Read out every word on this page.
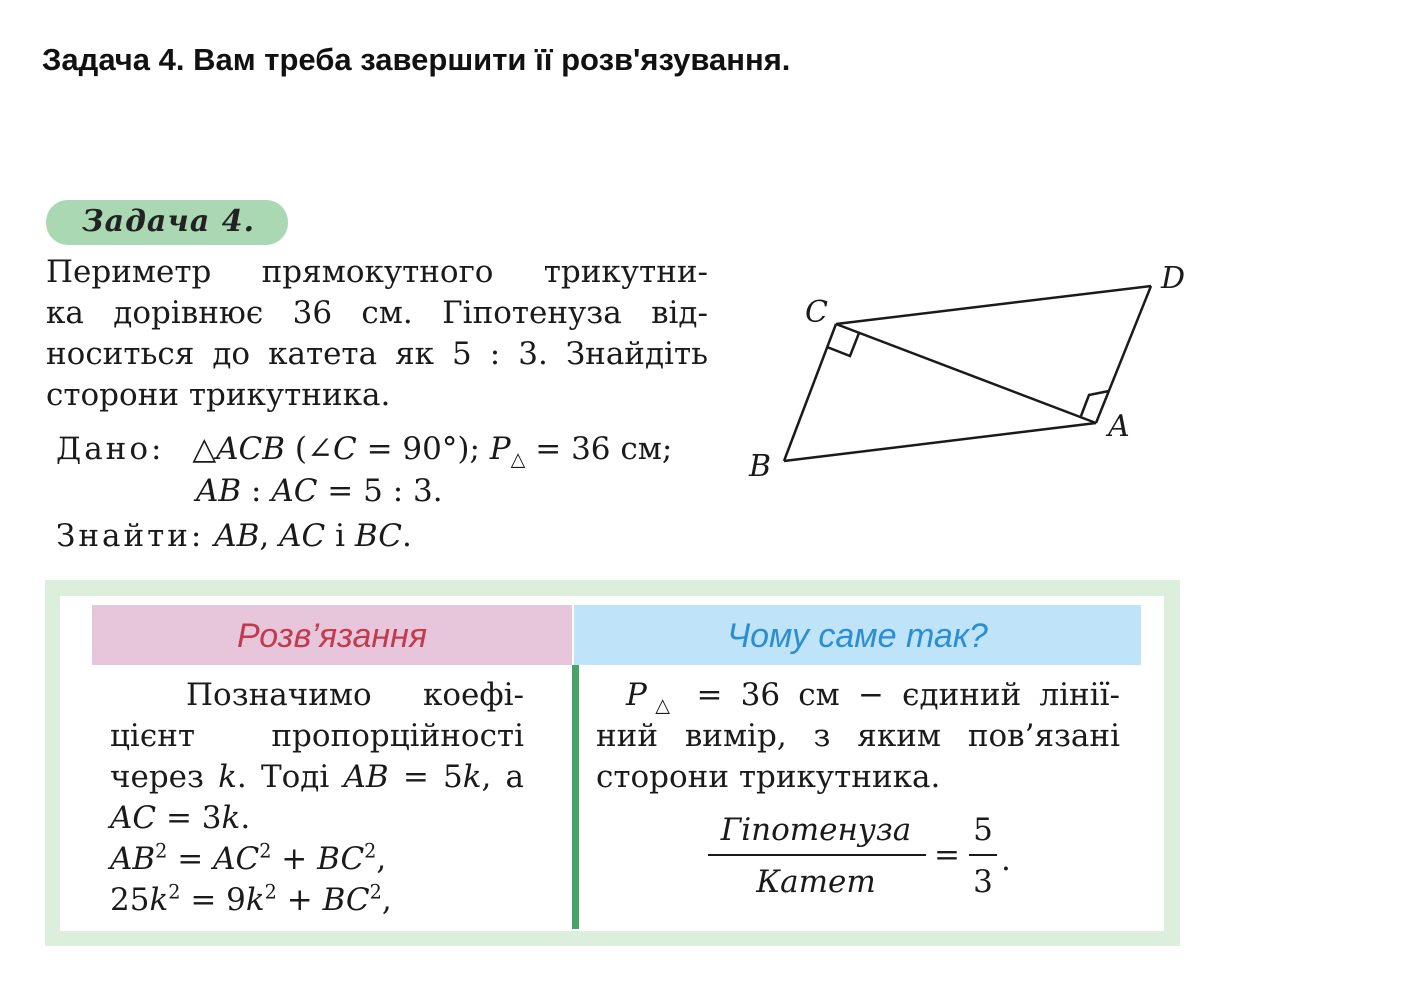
Задача 4. Вам треба завершити її розв'язування.
Задача 4.
Периметр прямокутного трикутни-
ка дорівнює 36 см. Гіпотенуза від-
носиться до катета як 5 : 3. Знайдіть
сторони трикутника.
Дано: △ACB (∠C = 90°); $P_\triangle = 36$ см;
AB : AC = 5 : 3.
Знайти: AB, AC і BC.
C
D
A
B
Розв’язання	Чому саме так?
Позначимо коефі-
цієнт пропорційності
через k. Тоді AB = 5k, а
AC = 3k.
$AB^2 = AC^2 + BC^2$,
$25k^2 = 9k^2 + BC^2$,
$P_\triangle = 36$ см − єдиний лінії-
ний вимір, з яким пов’язані
сторони трикутника.
Гіпотенуза
Катет
=
5
3
.
